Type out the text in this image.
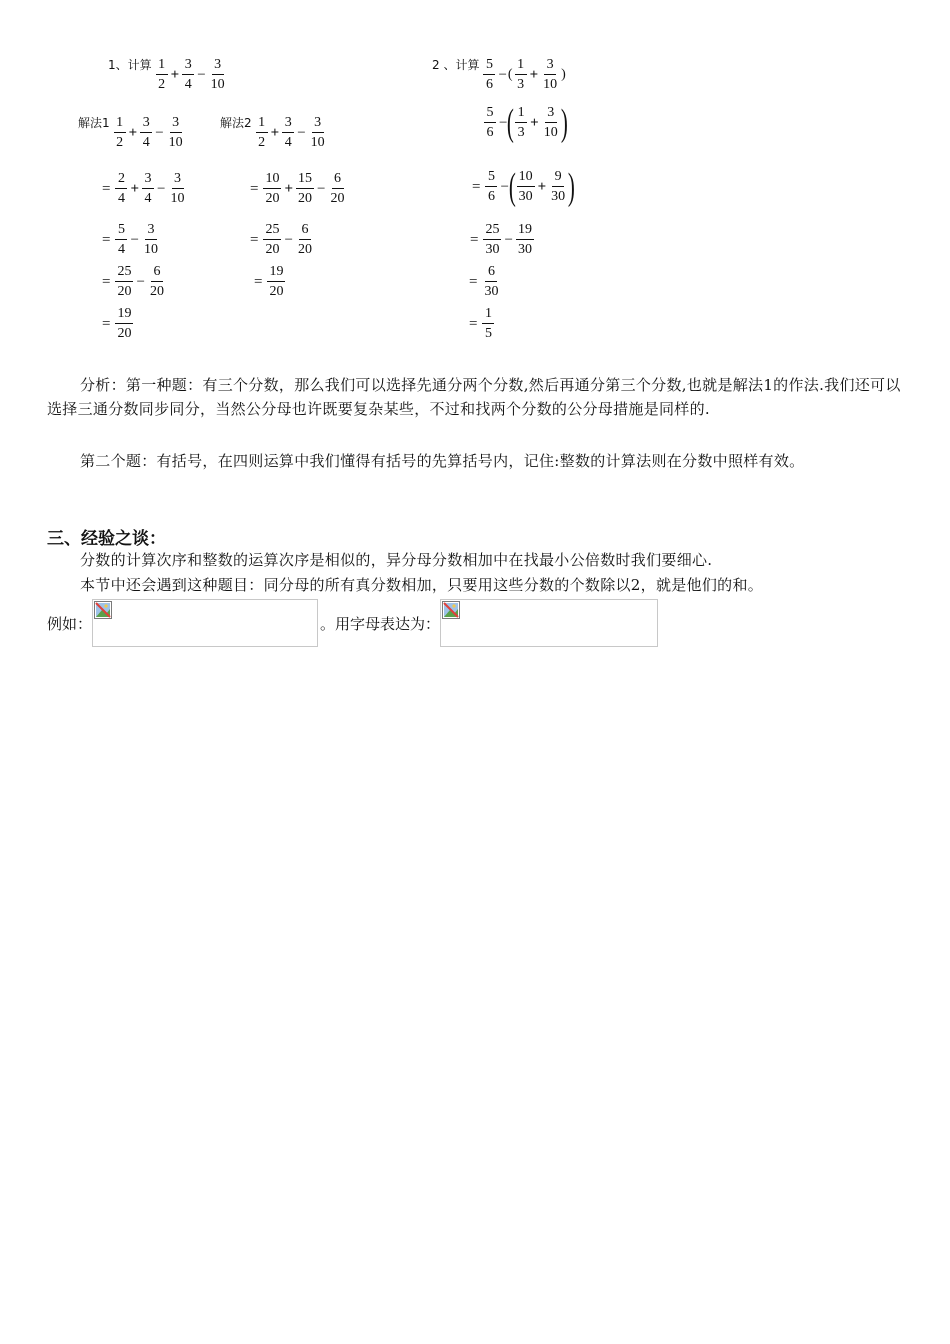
1、计算 $\frac{1}{2} + \frac{3}{4} - \frac{3}{10}$	2 、计算 $\frac{5}{6}$ − ( $\frac{1}{3} + \frac{3}{10}$ )
解法$1 \frac{1}{2} + \frac{3}{4} - \frac{3}{10}$
= $\frac{2}{4} + \frac{3}{4} - \frac{3}{10}$
= $\frac{5}{4} - \frac{3}{10}$
= $\frac{25}{20} - \frac{6}{20}$
= $\frac{19}{20}$
解法$2 \frac{1}{2} + \frac{3}{4} - \frac{3}{10}$
= $\frac{10}{20} + \frac{15}{20} - \frac{6}{20}$
= $\frac{25}{20} - \frac{6}{20}$
= $\frac{19}{20}$
$\frac{5}{6}$ − ( $\frac{1}{3} + \frac{3}{10}$ )
= $\frac{5}{6}$ − ( $\frac{10}{30} + \frac{9}{30}$ )
= $\frac{25}{30} - \frac{19}{30}$
= $\frac{6}{30}$
= $\frac{1}{5}$

分析：第一种题：有三个分数，那么我们可以选择先通分两个分数,然后再通分第三个分数,也就是解法1的作法.我们还可以选择三通分数同步同分，当然公分母也许既要复杂某些，不过和找两个分数的公分母措施是同样的.

第二个题：有括号，在四则运算中我们懂得有括号的先算括号内，记住:整数的计算法则在分数中照样有效。

三、经验之谈：

分数的计算次序和整数的运算次序是相似的，异分母分数相加中在找最小公倍数时我们要细心.

本节中还会遇到这种题目：同分母的所有真分数相加，只要用这些分数的个数除以2，就是他们的和。

例如：	。用字母表达为：
